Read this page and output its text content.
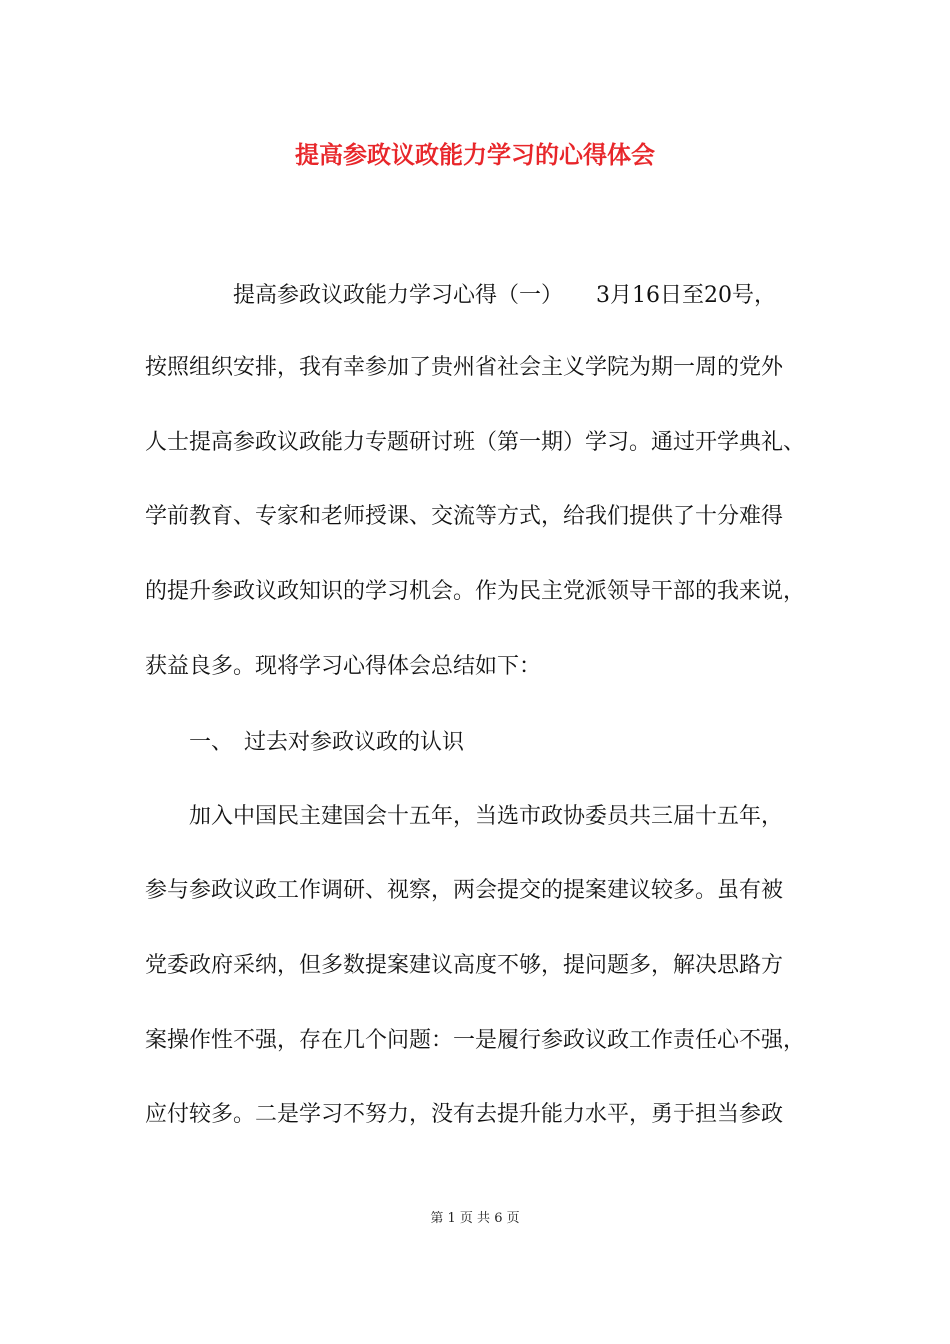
提高参政议政能力学习的心得体会
提高参政议政能力学习心得（一）　　3月16日至20号，
按照组织安排，我有幸参加了贵州省社会主义学院为期一周的党外
人士提高参政议政能力专题研讨班（第一期）学习。通过开学典礼、
学前教育、专家和老师授课、交流等方式，给我们提供了十分难得
的提升参政议政知识的学习机会。作为民主党派领导干部的我来说，
获益良多。现将学习心得体会总结如下：
一、　过去对参政议政的认识
加入中国民主建国会十五年，当选市政协委员共三届十五年，
参与参政议政工作调研、视察，两会提交的提案建议较多。虽有被
党委政府采纳，但多数提案建议高度不够，提问题多，解决思路方
案操作性不强，存在几个问题：一是履行参政议政工作责任心不强，
应付较多。二是学习不努力，没有去提升能力水平，勇于担当参政
第 1 页 共 6 页
